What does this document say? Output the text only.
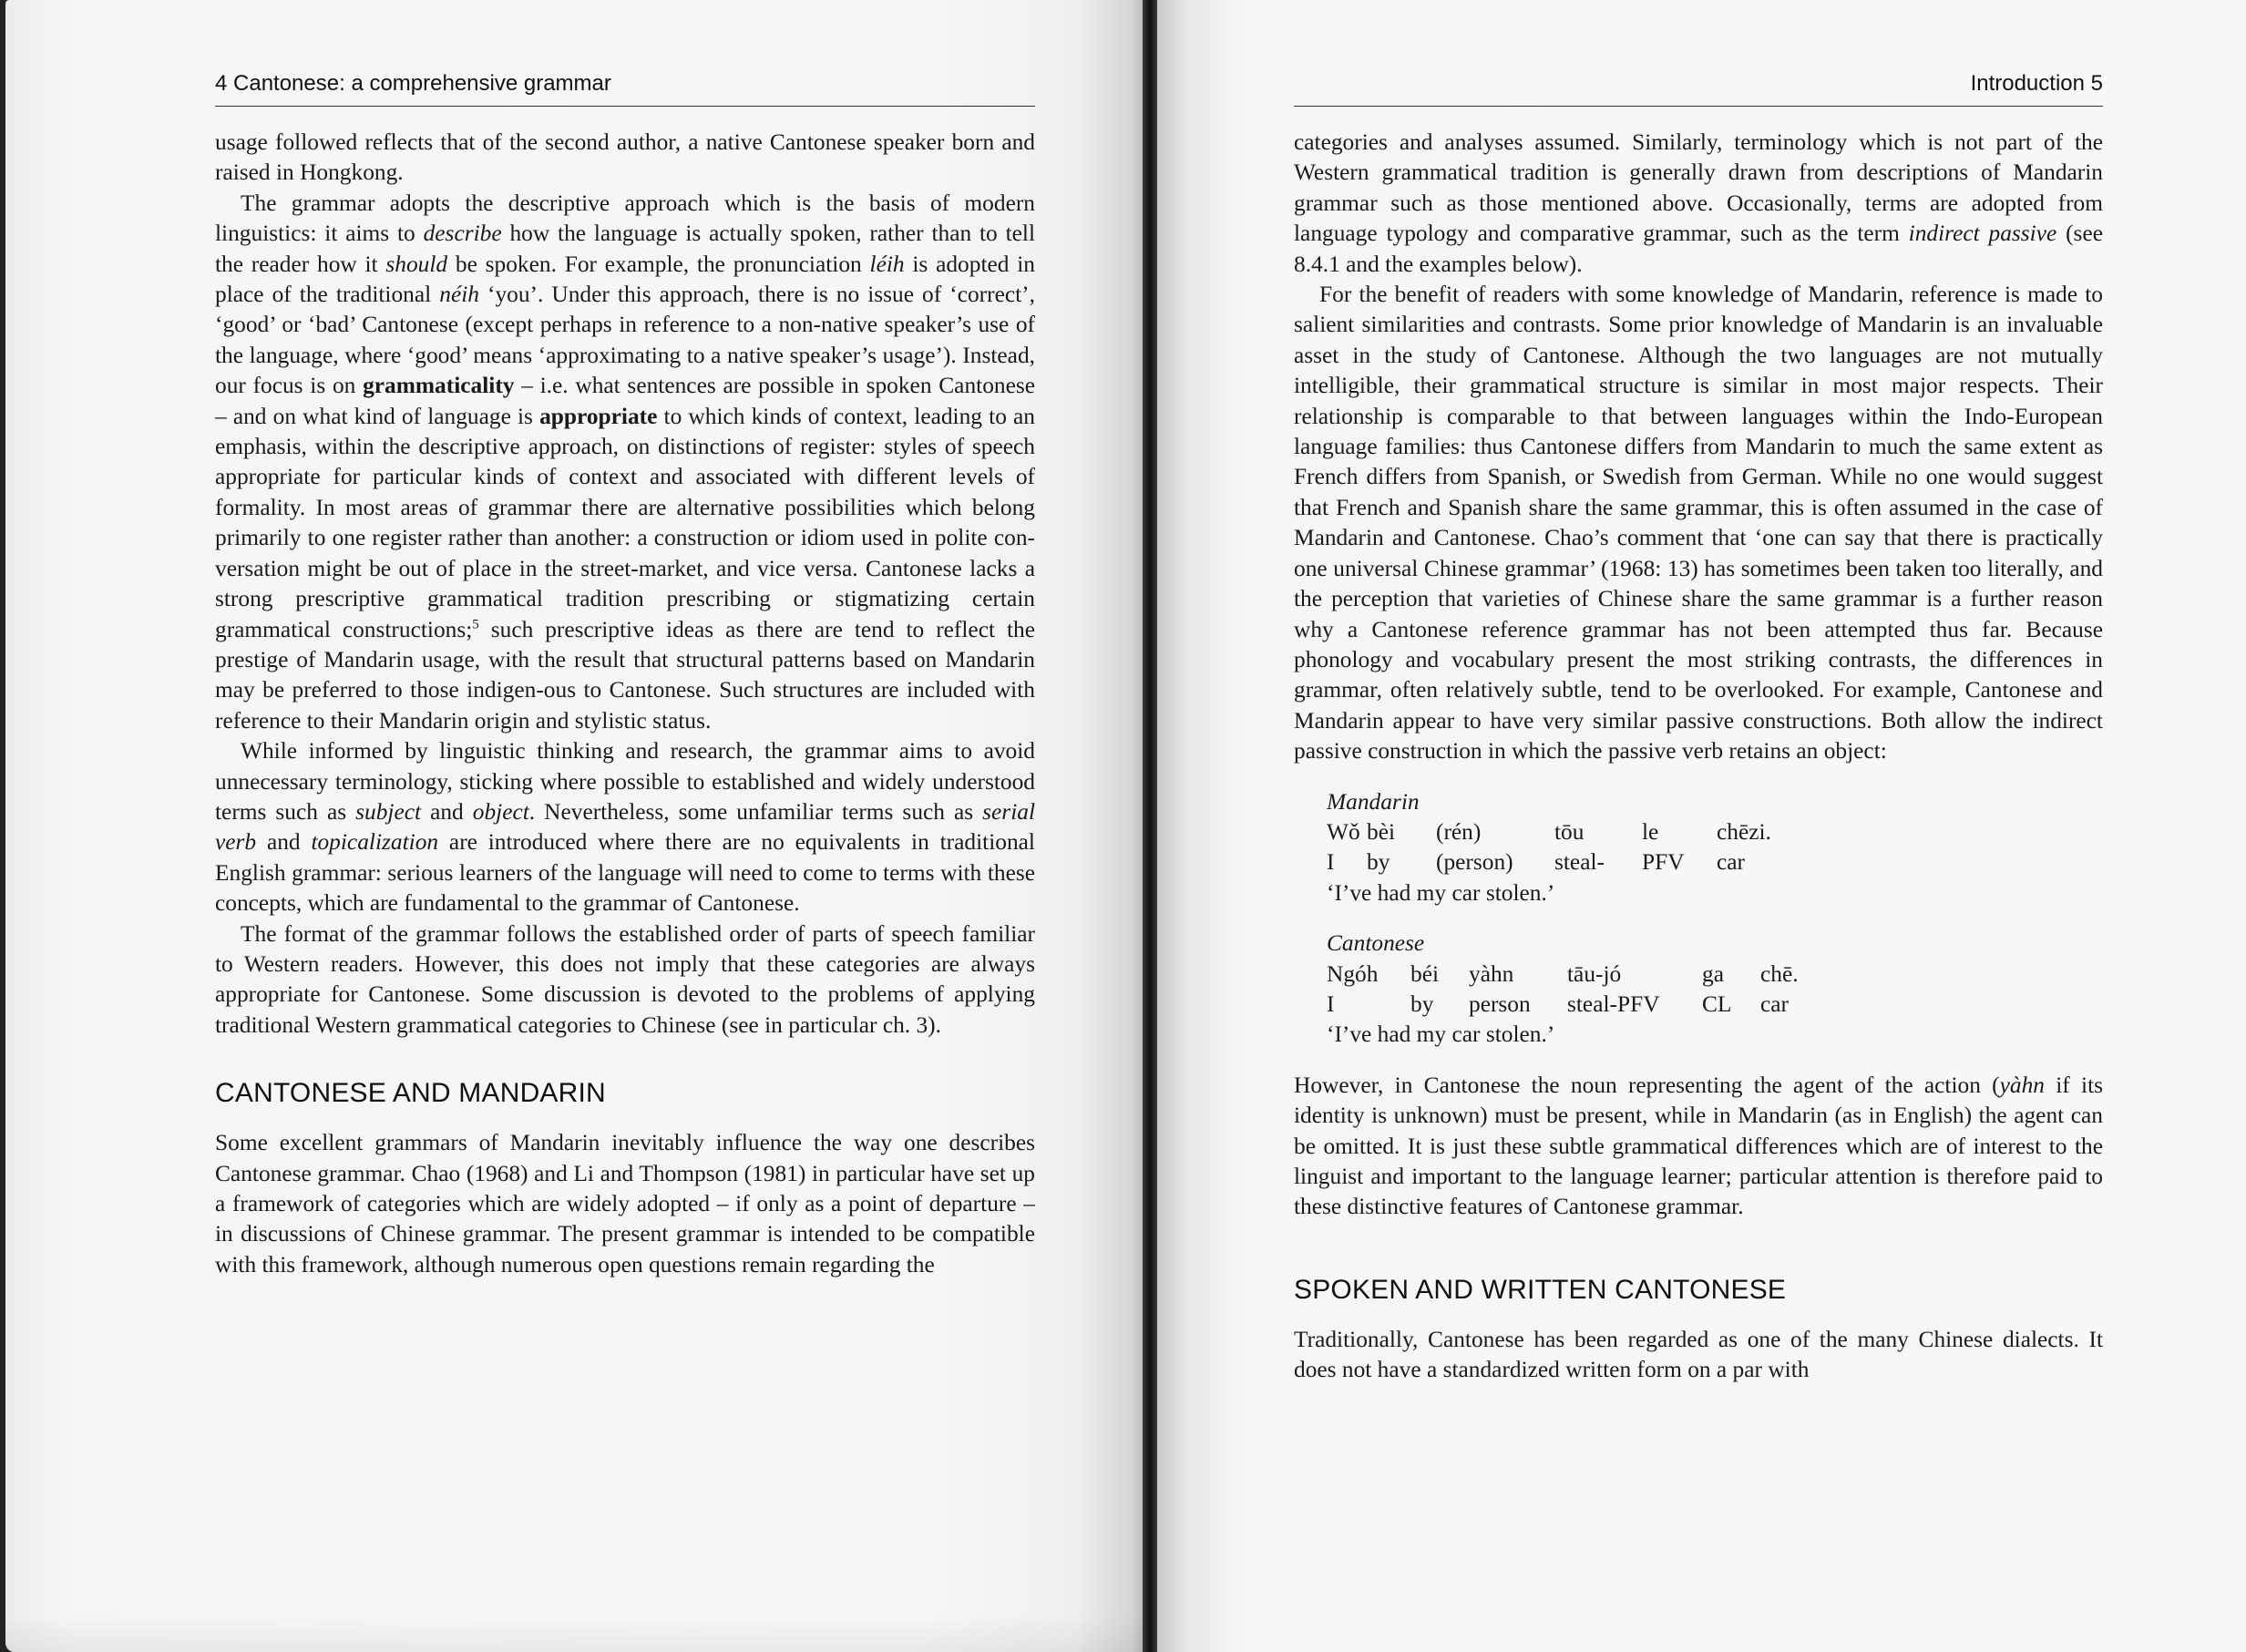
4 Cantonese: a comprehensive grammar

usage followed reflects that of the second author, a native Cantonese speaker born and raised in Hongkong.

The grammar adopts the descriptive approach which is the basis of modern linguistics: it aims to describe how the language is actually spoken, rather than to tell the reader how it should be spoken. For example, the pronunciation léih is adopted in place of the traditional néih ‘you’. Under this approach, there is no issue of ‘correct’, ‘good’ or ‘bad’ Cantonese (except perhaps in reference to a non-native speaker’s use of the language, where ‘good’ means ‘approximating to a native speaker’s usage’). Instead, our focus is on grammaticality – i.e. what sentences are possible in spoken Cantonese – and on what kind of language is appropriate to which kinds of context, leading to an emphasis, within the descriptive approach, on distinctions of register: styles of speech appropriate for particular kinds of context and associated with different levels of formality. In most areas of grammar there are alternative possibilities which belong primarily to one register rather than another: a construction or idiom used in polite con-versation might be out of place in the street-market, and vice versa. Cantonese lacks a strong prescriptive grammatical tradition prescribing or stigmatizing certain grammatical constructions;$^5$ such prescriptive ideas as there are tend to reflect the prestige of Mandarin usage, with the result that structural patterns based on Mandarin may be preferred to those indigen-ous to Cantonese. Such structures are included with reference to their Mandarin origin and stylistic status.

While informed by linguistic thinking and research, the grammar aims to avoid unnecessary terminology, sticking where possible to established and widely understood terms such as subject and object. Nevertheless, some unfamiliar terms such as serial verb and topicalization are introduced where there are no equivalents in traditional English grammar: serious learners of the language will need to come to terms with these concepts, which are fundamental to the grammar of Cantonese.

The format of the grammar follows the established order of parts of speech familiar to Western readers. However, this does not imply that these categories are always appropriate for Cantonese. Some discussion is devoted to the problems of applying traditional Western grammatical categories to Chinese (see in particular ch. 3).

CANTONESE AND MANDARIN

Some excellent grammars of Mandarin inevitably influence the way one describes Cantonese grammar. Chao (1968) and Li and Thompson (1981) in particular have set up a framework of categories which are widely adopted – if only as a point of departure – in discussions of Chinese grammar. The present grammar is intended to be compatible with this framework, although numerous open questions remain regarding the

Introduction 5

categories and analyses assumed. Similarly, terminology which is not part of the Western grammatical tradition is generally drawn from descriptions of Mandarin grammar such as those mentioned above. Occasionally, terms are adopted from language typology and comparative grammar, such as the term indirect passive (see 8.4.1 and the examples below).

For the benefit of readers with some knowledge of Mandarin, reference is made to salient similarities and contrasts. Some prior knowledge of Mandarin is an invaluable asset in the study of Cantonese. Although the two languages are not mutually intelligible, their grammatical structure is similar in most major respects. Their relationship is comparable to that between languages within the Indo-European language families: thus Cantonese differs from Mandarin to much the same extent as French differs from Spanish, or Swedish from German. While no one would suggest that French and Spanish share the same grammar, this is often assumed in the case of Mandarin and Cantonese. Chao’s comment that ‘one can say that there is practically one universal Chinese grammar’ (1968: 13) has sometimes been taken too literally, and the perception that varieties of Chinese share the same grammar is a further reason why a Cantonese reference grammar has not been attempted thus far. Because phonology and vocabulary present the most striking contrasts, the differences in grammar, often relatively subtle, tend to be overlooked. For example, Cantonese and Mandarin appear to have very similar passive constructions. Both allow the indirect passive construction in which the passive verb retains an object:

Mandarin
Wǒ bèi	(rén)	tōu	le	chēzi.
I	by	(person)	steal-	PFV	car
‘I’ve had my car stolen.’
Cantonese
Ngóh	béi	yàhn	tāu-jó	ga	chē.
I	by	person	steal-PFV	CL	car
‘I’ve had my car stolen.’

However, in Cantonese the noun representing the agent of the action (yàhn if its identity is unknown) must be present, while in Mandarin (as in English) the agent can be omitted. It is just these subtle grammatical differences which are of interest to the linguist and important to the language learner; particular attention is therefore paid to these distinctive features of Cantonese grammar.

SPOKEN AND WRITTEN CANTONESE

Traditionally, Cantonese has been regarded as one of the many Chinese dialects. It does not have a standardized written form on a par with
